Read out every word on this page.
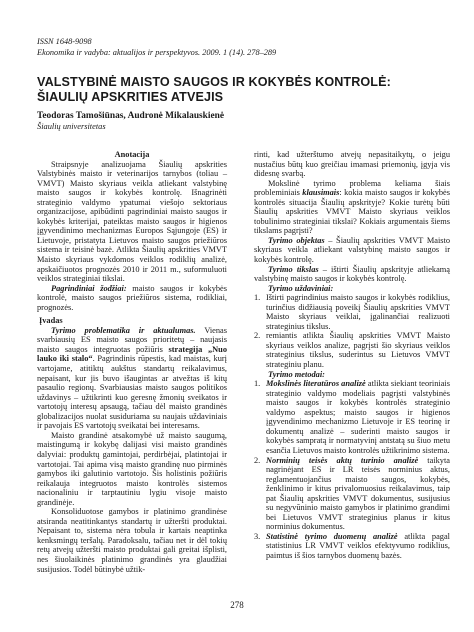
ISSN 1648-9098
Ekonomika ir vadyba: aktualijos ir perspektyvos. 2009. 1 (14). 278–289
VALSTYBINĖ MAISTO SAUGOS IR KOKYBĖS KONTROLĖ:
ŠIAULIŲ APSKRITIES ATVEJIS
Teodoras Tamošiūnas, Audronė Mikalauskienė
Šiaulių universitetas

Anotacija

Straipsnyje analizuojama Šiaulių apskrities Valstybinės maisto ir veterinarijos tarnybos (toliau – VMVT) Maisto skyriaus veikla atliekant valstybinę maisto saugos ir kokybės kontrolę. Išnagrinėti strateginio valdymo ypatumai viešojo sektoriaus organizacijose, apibūdinti pagrindiniai maisto saugos ir kokybės kriterijai, pateiktas maisto saugos ir higienos įgyvendinimo mechanizmas Europos Sąjungoje (ES) ir Lietuvoje, pristatyta Lietuvos maisto saugos priežiūros sistema ir teisinė bazė. Atlikta Šiaulių apskrities VMVT Maisto skyriaus vykdomos veiklos rodiklių analizė, apskaičiuotos prognozės 2010 ir 2011 m., suformuluoti veiklos strateginiai tikslai.

Pagrindiniai žodžiai: maisto saugos ir kokybės kontrolė, maisto saugos priežiūros sistema, rodikliai, prognozės.

Įvadas

Tyrimo problematika ir aktualumas. Vienas svarbiausių ES maisto saugos prioritetų – naujasis maisto saugos integruotas požiūris strategija „Nuo lauko iki stalo“. Pagrindinis rūpestis, kad maistas, kurį vartojame, atitiktų aukštus standartų reikalavimus, nepaisant, kur jis buvo išaugintas ar atvežtas iš kitų pasaulio regionų. Svarbiausias maisto saugos politikos uždavinys – užtikrinti kuo geresnę žmonių sveikatos ir vartotojų interesų apsaugą, tačiau dėl maisto grandinės globalizacijos nuolat susiduriama su naujais uždaviniais ir pavojais ES vartotojų sveikatai bei interesams.

Maisto grandinė atsakomybė už maisto saugumą, maistingumą ir kokybę dalijasi visi maisto grandinės dalyviai: produktų gamintojai, perdirbėjai, platintojai ir vartotojai. Tai apima visą maisto grandinę nuo pirminės gamybos iki galutinio vartotojo. Šis holistinis požiūris reikalauja integruotos maisto kontrolės sistemos nacionaliniu ir tarptautiniu lygiu visoje maisto grandinėje.

Konsoliduotose gamybos ir platinimo grandinėse atsiranda neatitinkantys standartų ir užteršti produktai. Nepaisant to, sistema nėra tobula ir kartais neaptinka kenksmingų teršalų. Paradoksalu, tačiau net ir dėl tokių retų atvejų užteršti maisto produktai gali greitai išplisti, nes šiuolaikinės platinimo grandinės yra glaudžiai susijusios. Todėl būtinybė užtik-

rinti, kad užterštumo atvejų nepasitaikytų, o jeigu nustačius būtų kuo greičiau imamasi priemonių, įgyja vis didesnę svarbą.

Mokslinė tyrimo problema keliama šiais probleminiais klausimais: kokia maisto saugos ir kokybės kontrolės situacija Šiaulių apskrityje? Kokie turėtų būti Šiaulių apskrities VMVT Maisto skyriaus veiklos tobulinimo strateginiai tikslai? Kokiais argumentais šiems tikslams pagrįsti?

Tyrimo objektas – Šiaulių apskrities VMVT Maisto skyriaus veikla atliekant valstybinę maisto saugos ir kokybės kontrolę.

Tyrimo tikslas – ištirti Šiaulių apskrityje atliekamą valstybinę maisto saugos ir kokybės kontrolę.

Tyrimo uždaviniai:

1. Ištirti pagrindinius maisto saugos ir kokybės rodiklius, turinčius didžiausią poveikį Šiaulių apskrities VMVT Maisto skyriaus veiklai, įgalinančiai realizuoti strateginius tikslus.
2. remiantis atlikta Šiaulių apskrities VMVT Maisto skyriaus veiklos analize, pagrįsti šio skyriaus veiklos strateginius tikslus, suderintus su Lietuvos VMVT strateginiu planu.

Tyrimo metodai:

1. Mokslinės literatūros analizė atlikta siekiant teoriniais strateginio valdymo modeliais pagrįsti valstybinės maisto saugos ir kokybės kontrolės strateginio valdymo aspektus; maisto saugos ir higienos įgyvendinimo mechanizmo Lietuvoje ir ES teorinę ir dokumentų analizė – suderinti maisto saugos ir kokybės sampratą ir normatyvinį antstatą su šiuo metu esančia Lietuvos maisto kontrolės užtikrinimo sistema.
2. Norminių teisės aktų turinio analizė taikyta nagrinėjant ES ir LR teisės norminius aktus, reglamentuojančius maisto saugos, kokybės, ženklinimo ir kitus privalomuosius reikalavimus, taip pat Šiaulių apskrities VMVT dokumentus, susijusius su negyvūninio maisto gamybos ir platinimo grandimi bei Lietuvos VMVT strateginius planus ir kitus norminius dokumentus.
3. Statistinė tyrimo duomenų analizė atlikta pagal statistinius LR VMVT veiklos efektyvumo rodiklius, paimtus iš šios tarnybos duomenų bazės.
278
